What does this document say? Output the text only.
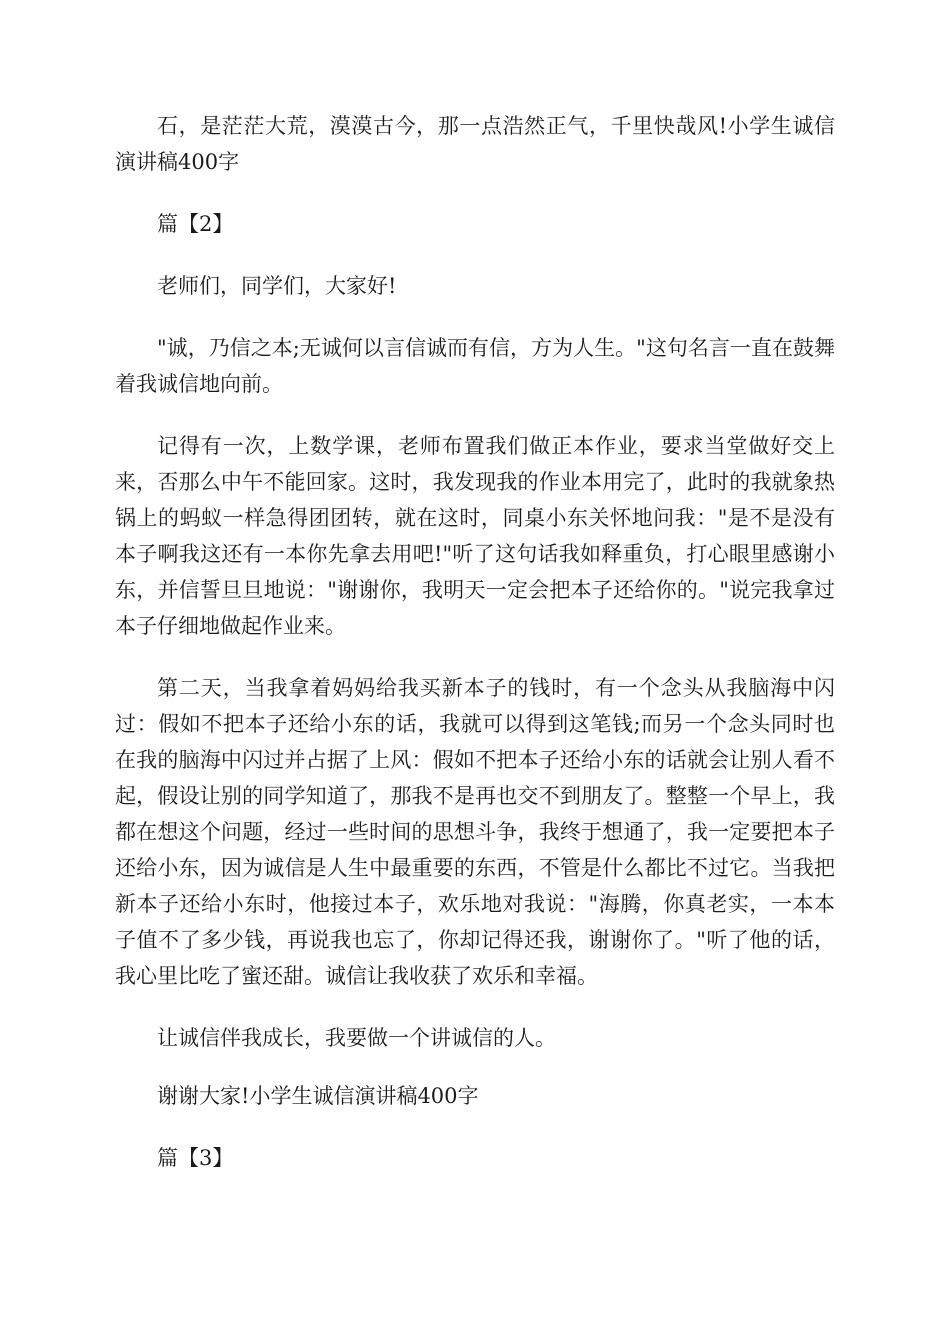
石，是茫茫大荒，漠漠古今，那一点浩然正气，千里快哉风!小学生诚信演讲稿400字

篇【2】

老师们，同学们，大家好!

"诚，乃信之本;无诚何以言信诚而有信，方为人生。"这句名言一直在鼓舞着我诚信地向前。

记得有一次，上数学课，老师布置我们做正本作业，要求当堂做好交上来，否那么中午不能回家。这时，我发现我的作业本用完了，此时的我就象热锅上的蚂蚁一样急得团团转，就在这时，同桌小东关怀地问我："是不是没有本子啊我这还有一本你先拿去用吧!"听了这句话我如释重负，打心眼里感谢小东，并信誓旦旦地说："谢谢你，我明天一定会把本子还给你的。"说完我拿过本子仔细地做起作业来。

第二天，当我拿着妈妈给我买新本子的钱时，有一个念头从我脑海中闪过：假如不把本子还给小东的话，我就可以得到这笔钱;而另一个念头同时也在我的脑海中闪过并占据了上风：假如不把本子还给小东的话就会让别人看不起，假设让别的同学知道了，那我不是再也交不到朋友了。整整一个早上，我都在想这个问题，经过一些时间的思想斗争，我终于想通了，我一定要把本子还给小东，因为诚信是人生中最重要的东西，不管是什么都比不过它。当我把新本子还给小东时，他接过本子，欢乐地对我说："海腾，你真老实，一本本子值不了多少钱，再说我也忘了，你却记得还我，谢谢你了。"听了他的话，我心里比吃了蜜还甜。诚信让我收获了欢乐和幸福。

让诚信伴我成长，我要做一个讲诚信的人。

谢谢大家!小学生诚信演讲稿400字

篇【3】
